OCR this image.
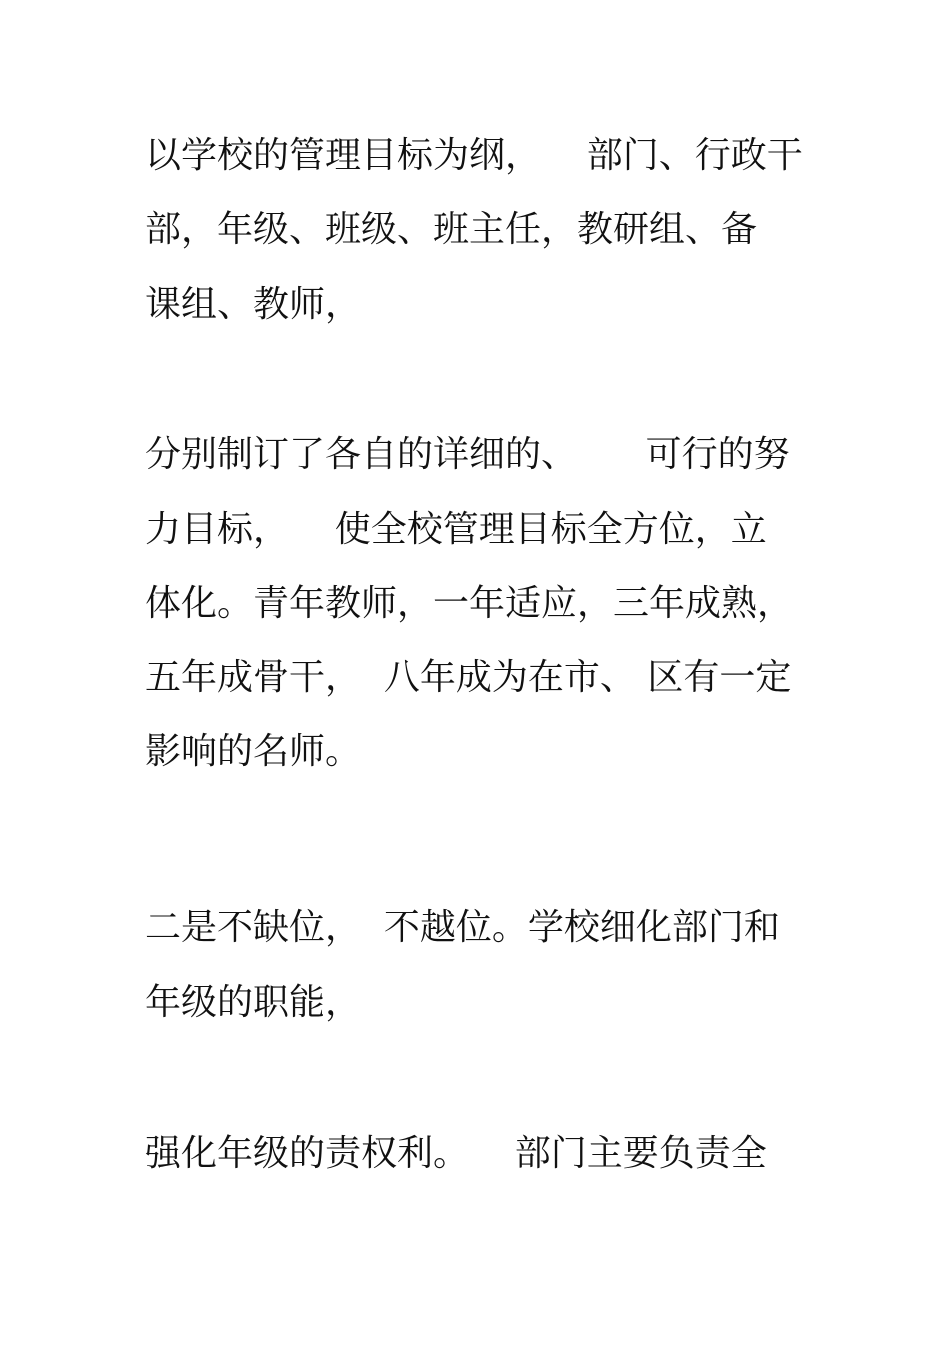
以学校的管理目标为纲，    部门、行政干

部，年级、班级、班主任，教研组、备

课组、教师，

分别制订了各自的详细的、      可行的努

力目标，    使全校管理目标全方位，立

体化。青年教师，一年适应，三年成熟，

五年成骨干，  八年成为在市、 区有一定

影响的名师。

二是不缺位，  不越位。学校细化部门和

年级的职能，

强化年级的责权利。    部门主要负责全
